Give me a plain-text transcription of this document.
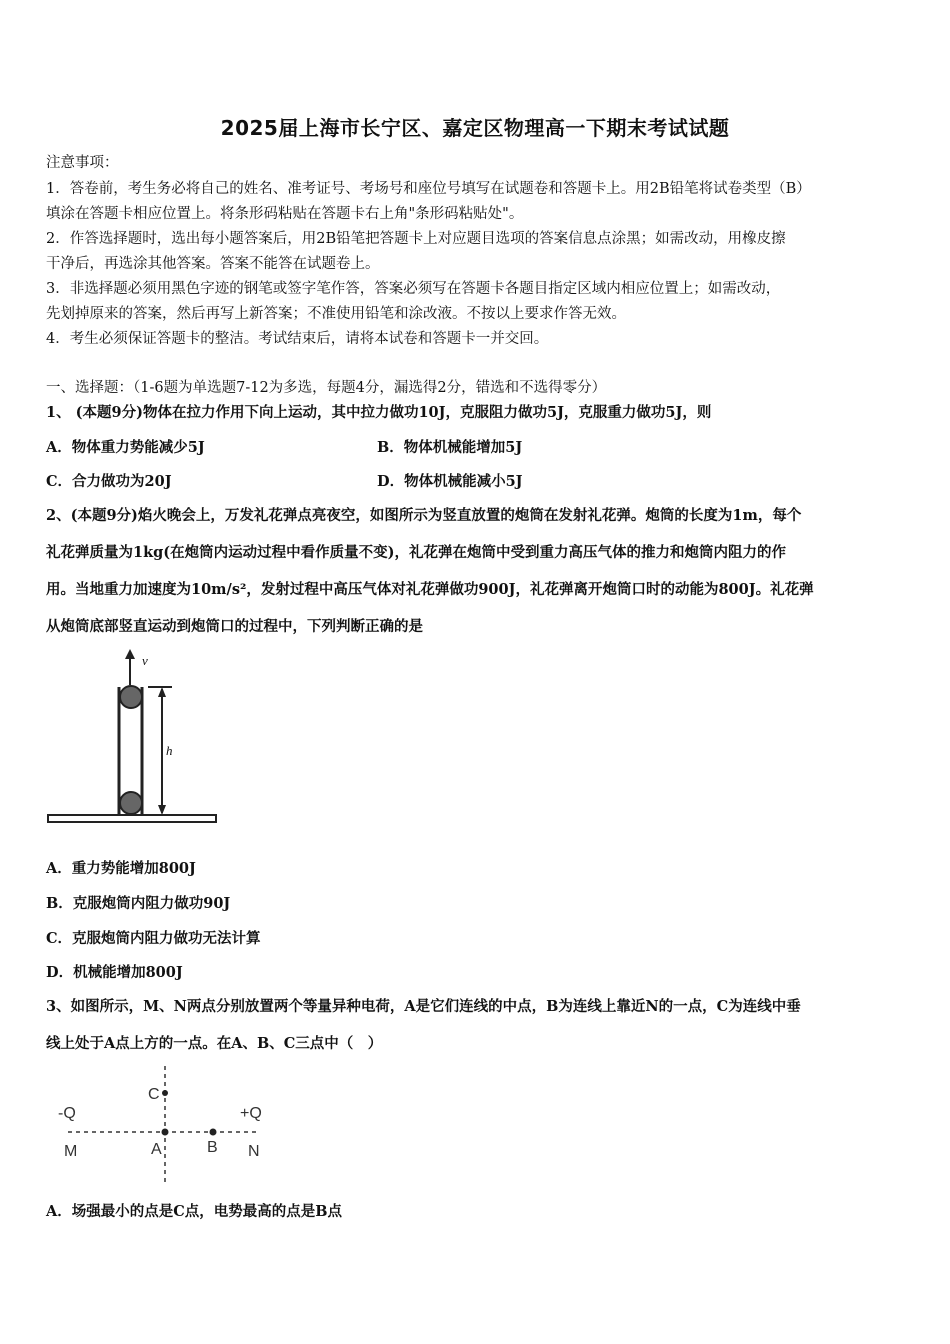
2025届上海市长宁区、嘉定区物理高一下期末考试试题
注意事项：
1．答卷前，考生务必将自己的姓名、准考证号、考场号和座位号填写在试题卷和答题卡上。用2B铅笔将试卷类型（B）
填涂在答题卡相应位置上。将条形码粘贴在答题卡右上角"条形码粘贴处"。
2．作答选择题时，选出每小题答案后，用2B铅笔把答题卡上对应题目选项的答案信息点涂黑；如需改动，用橡皮擦
干净后，再选涂其他答案。答案不能答在试题卷上。
3．非选择题必须用黑色字迹的钢笔或签字笔作答，答案必须写在答题卡各题目指定区域内相应位置上；如需改动，
先划掉原来的答案，然后再写上新答案；不准使用铅笔和涂改液。不按以上要求作答无效。
4．考生必须保证答题卡的整洁。考试结束后，请将本试卷和答题卡一并交回。
一、选择题：（1-6题为单选题7-12为多选，每题4分，漏选得2分，错选和不选得零分）
1、 (本题9分)物体在拉力作用下向上运动，其中拉力做功10J，克服阻力做功5J，克服重力做功5J，则
A．物体重力势能减少5J	B．物体机械能增加5J
C．合力做功为20J	D．物体机械能减小5J
2、(本题9分)焰火晚会上，万发礼花弹点亮夜空，如图所示为竖直放置的炮筒在发射礼花弹。炮筒的长度为1m，每个
礼花弹质量为1kg(在炮筒内运动过程中看作质量不变)，礼花弹在炮筒中受到重力高压气体的推力和炮筒内阻力的作
用。当地重力加速度为10m/s²，发射过程中高压气体对礼花弹做功900J，礼花弹离开炮筒口时的动能为800J。礼花弹
从炮筒底部竖直运动到炮筒口的过程中，下列判断正确的是
v
h
A．重力势能增加800J
B．克服炮筒内阻力做功90J
C．克服炮筒内阻力做功无法计算
D．机械能增加800J
3、如图所示，M、N两点分别放置两个等量异种电荷，A是它们连线的中点，B为连线上靠近N的一点，C为连线中垂
线上处于A点上方的一点。在A、B、C三点中（　）
C
-Q	+Q
M	A	B N
A．场强最小的点是C点，电势最高的点是B点
